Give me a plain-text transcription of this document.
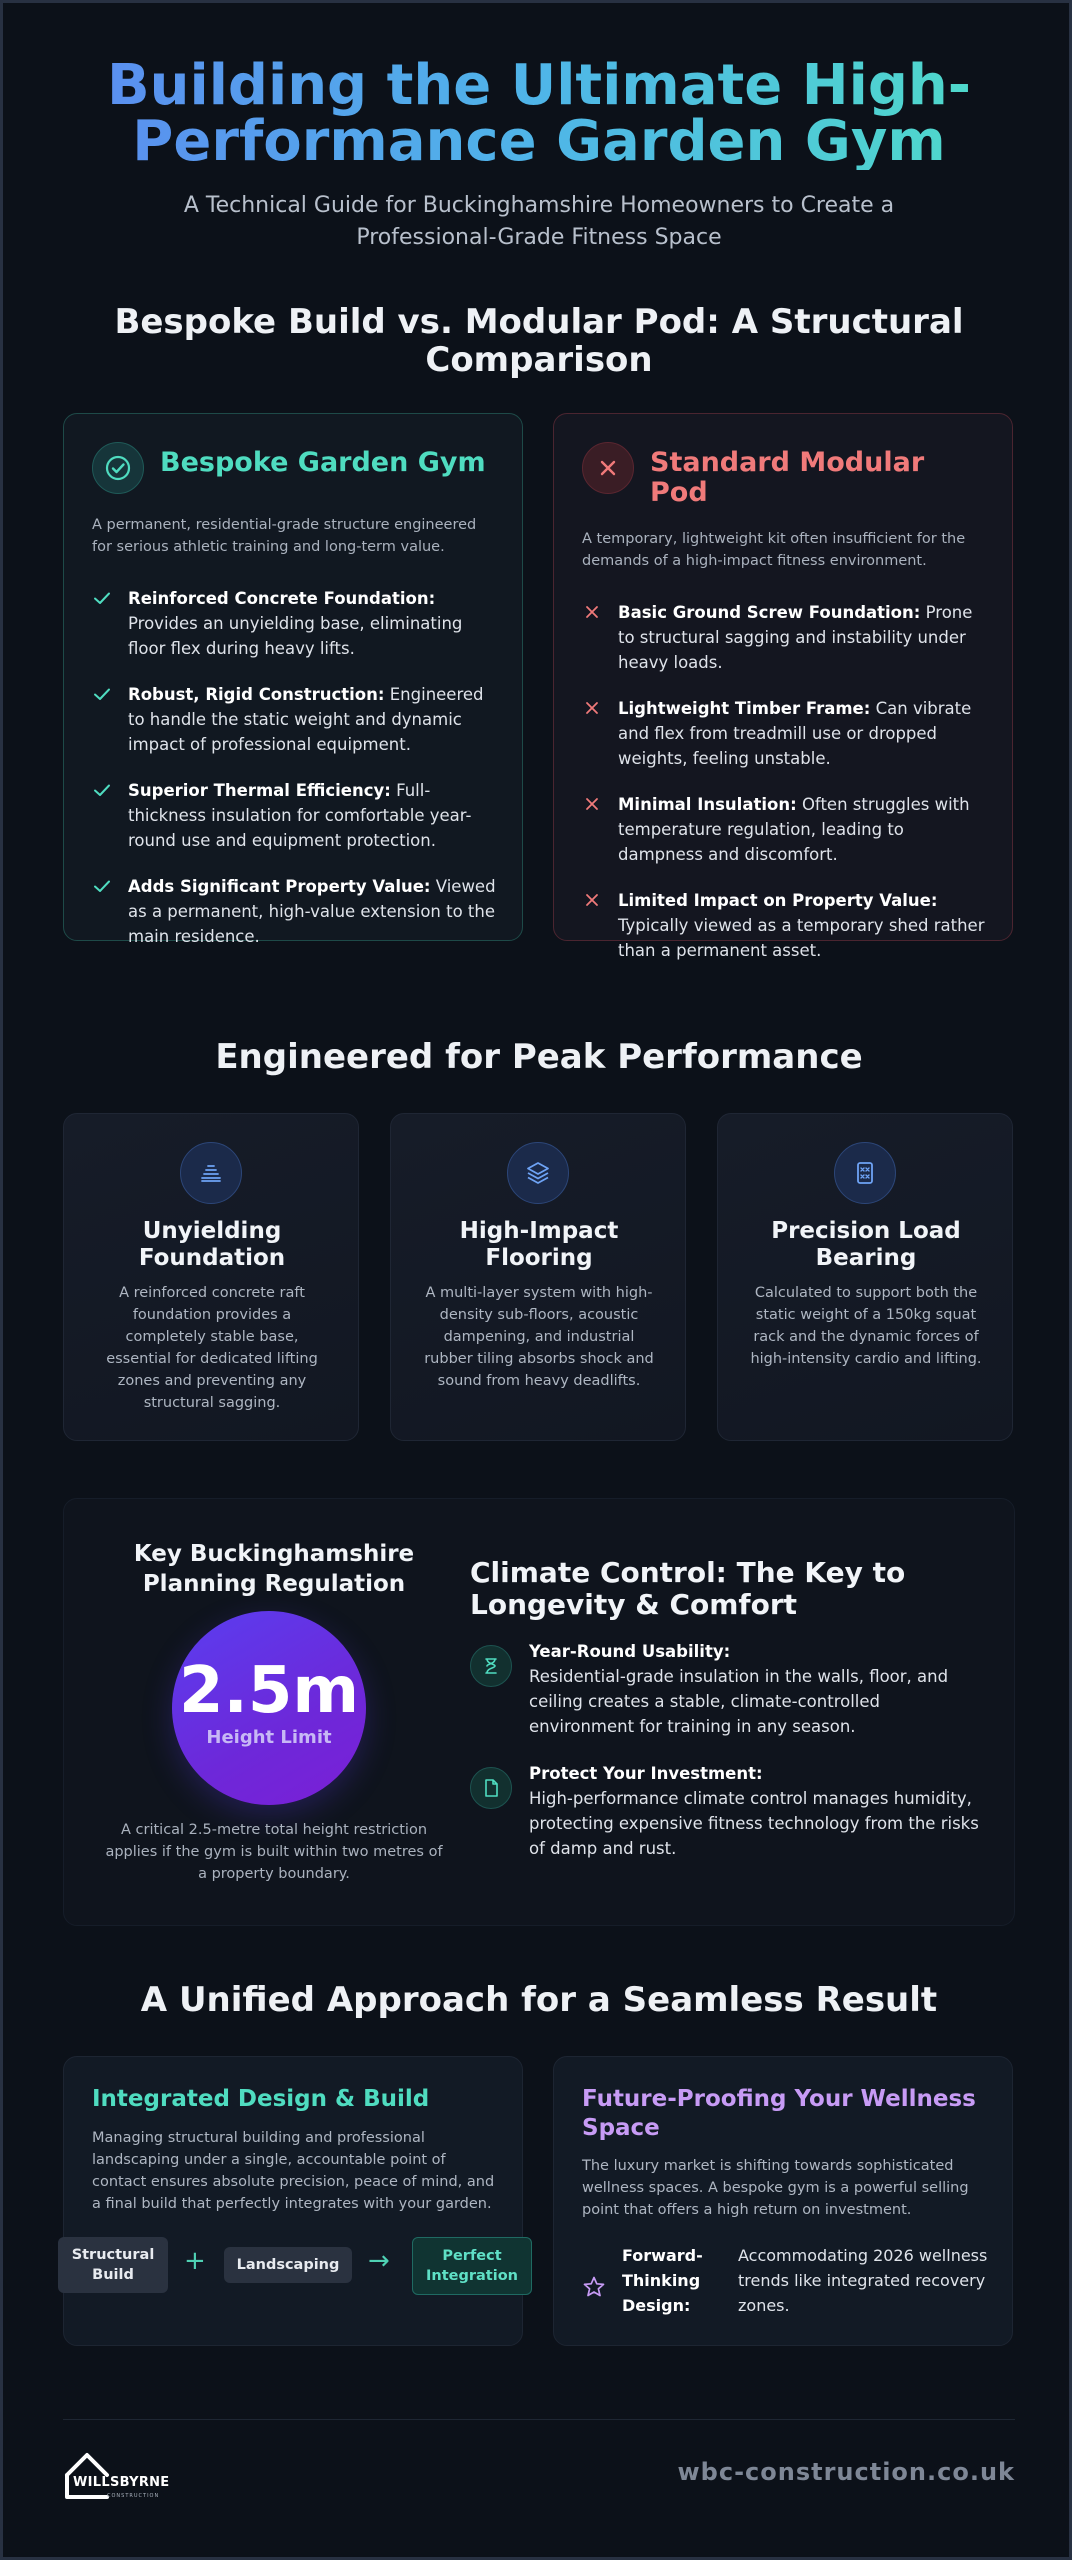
Building the Ultimate High-Performance Garden Gym

A Technical Guide for Buckinghamshire Homeowners to Create a Professional-Grade Fitness Space

Bespoke Build vs. Modular Pod: A Structural Comparison
Bespoke Garden Gym
A permanent, residential-grade structure engineered for serious athletic training and long-term value.
Reinforced Concrete Foundation: Provides an unyielding base, eliminating floor flex during heavy lifts.
Robust, Rigid Construction: Engineered to handle the static weight and dynamic impact of professional equipment.
Superior Thermal Efficiency: Full-thickness insulation for comfortable year-round use and equipment protection.
Adds Significant Property Value: Viewed as a permanent, high-value extension to the main residence.
Standard Modular Pod
A temporary, lightweight kit often insufficient for the demands of a high-impact fitness environment.
Basic Ground Screw Foundation: Prone to structural sagging and instability under heavy loads.
Lightweight Timber Frame: Can vibrate and flex from treadmill use or dropped weights, feeling unstable.
Minimal Insulation: Often struggles with temperature regulation, leading to dampness and discomfort.
Limited Impact on Property Value: Typically viewed as a temporary shed rather than a permanent asset.
Engineered for Peak Performance
Unyielding Foundation
A reinforced concrete raft foundation provides a completely stable base, essential for dedicated lifting zones and preventing any structural sagging.
High-Impact Flooring
A multi-layer system with high-density sub-floors, acoustic dampening, and industrial rubber tiling absorbs shock and sound from heavy deadlifts.
Precision Load Bearing
Calculated to support both the static weight of a 150kg squat rack and the dynamic forces of high-intensity cardio and lifting.
Key Buckinghamshire Planning Regulation
2.5m
Height Limit
A critical 2.5-metre total height restriction applies if the gym is built within two metres of a property boundary.
Climate Control: The Key to Longevity & Comfort
Year-Round Usability:
Residential-grade insulation in the walls, floor, and ceiling creates a stable, climate-controlled environment for training in any season.
Protect Your Investment:
High-performance climate control manages humidity, protecting expensive fitness technology from the risks of damp and rust.
A Unified Approach for a Seamless Result
Integrated Design & Build
Managing structural building and professional landscaping under a single, accountable point of contact ensures absolute precision, peace of mind, and a final build that perfectly integrates with your garden.
Structural Build	+	Landscaping	→	Perfect Integration
Future-Proofing Your Wellness Space
The luxury market is shifting towards sophisticated wellness spaces. A bespoke gym is a powerful selling point that offers a high return on investment.
Forward-Thinking Design:
Accommodating 2026 wellness trends like integrated recovery zones.
WILLSBYRNE
CONSTRUCTION
wbc-construction.co.uk
